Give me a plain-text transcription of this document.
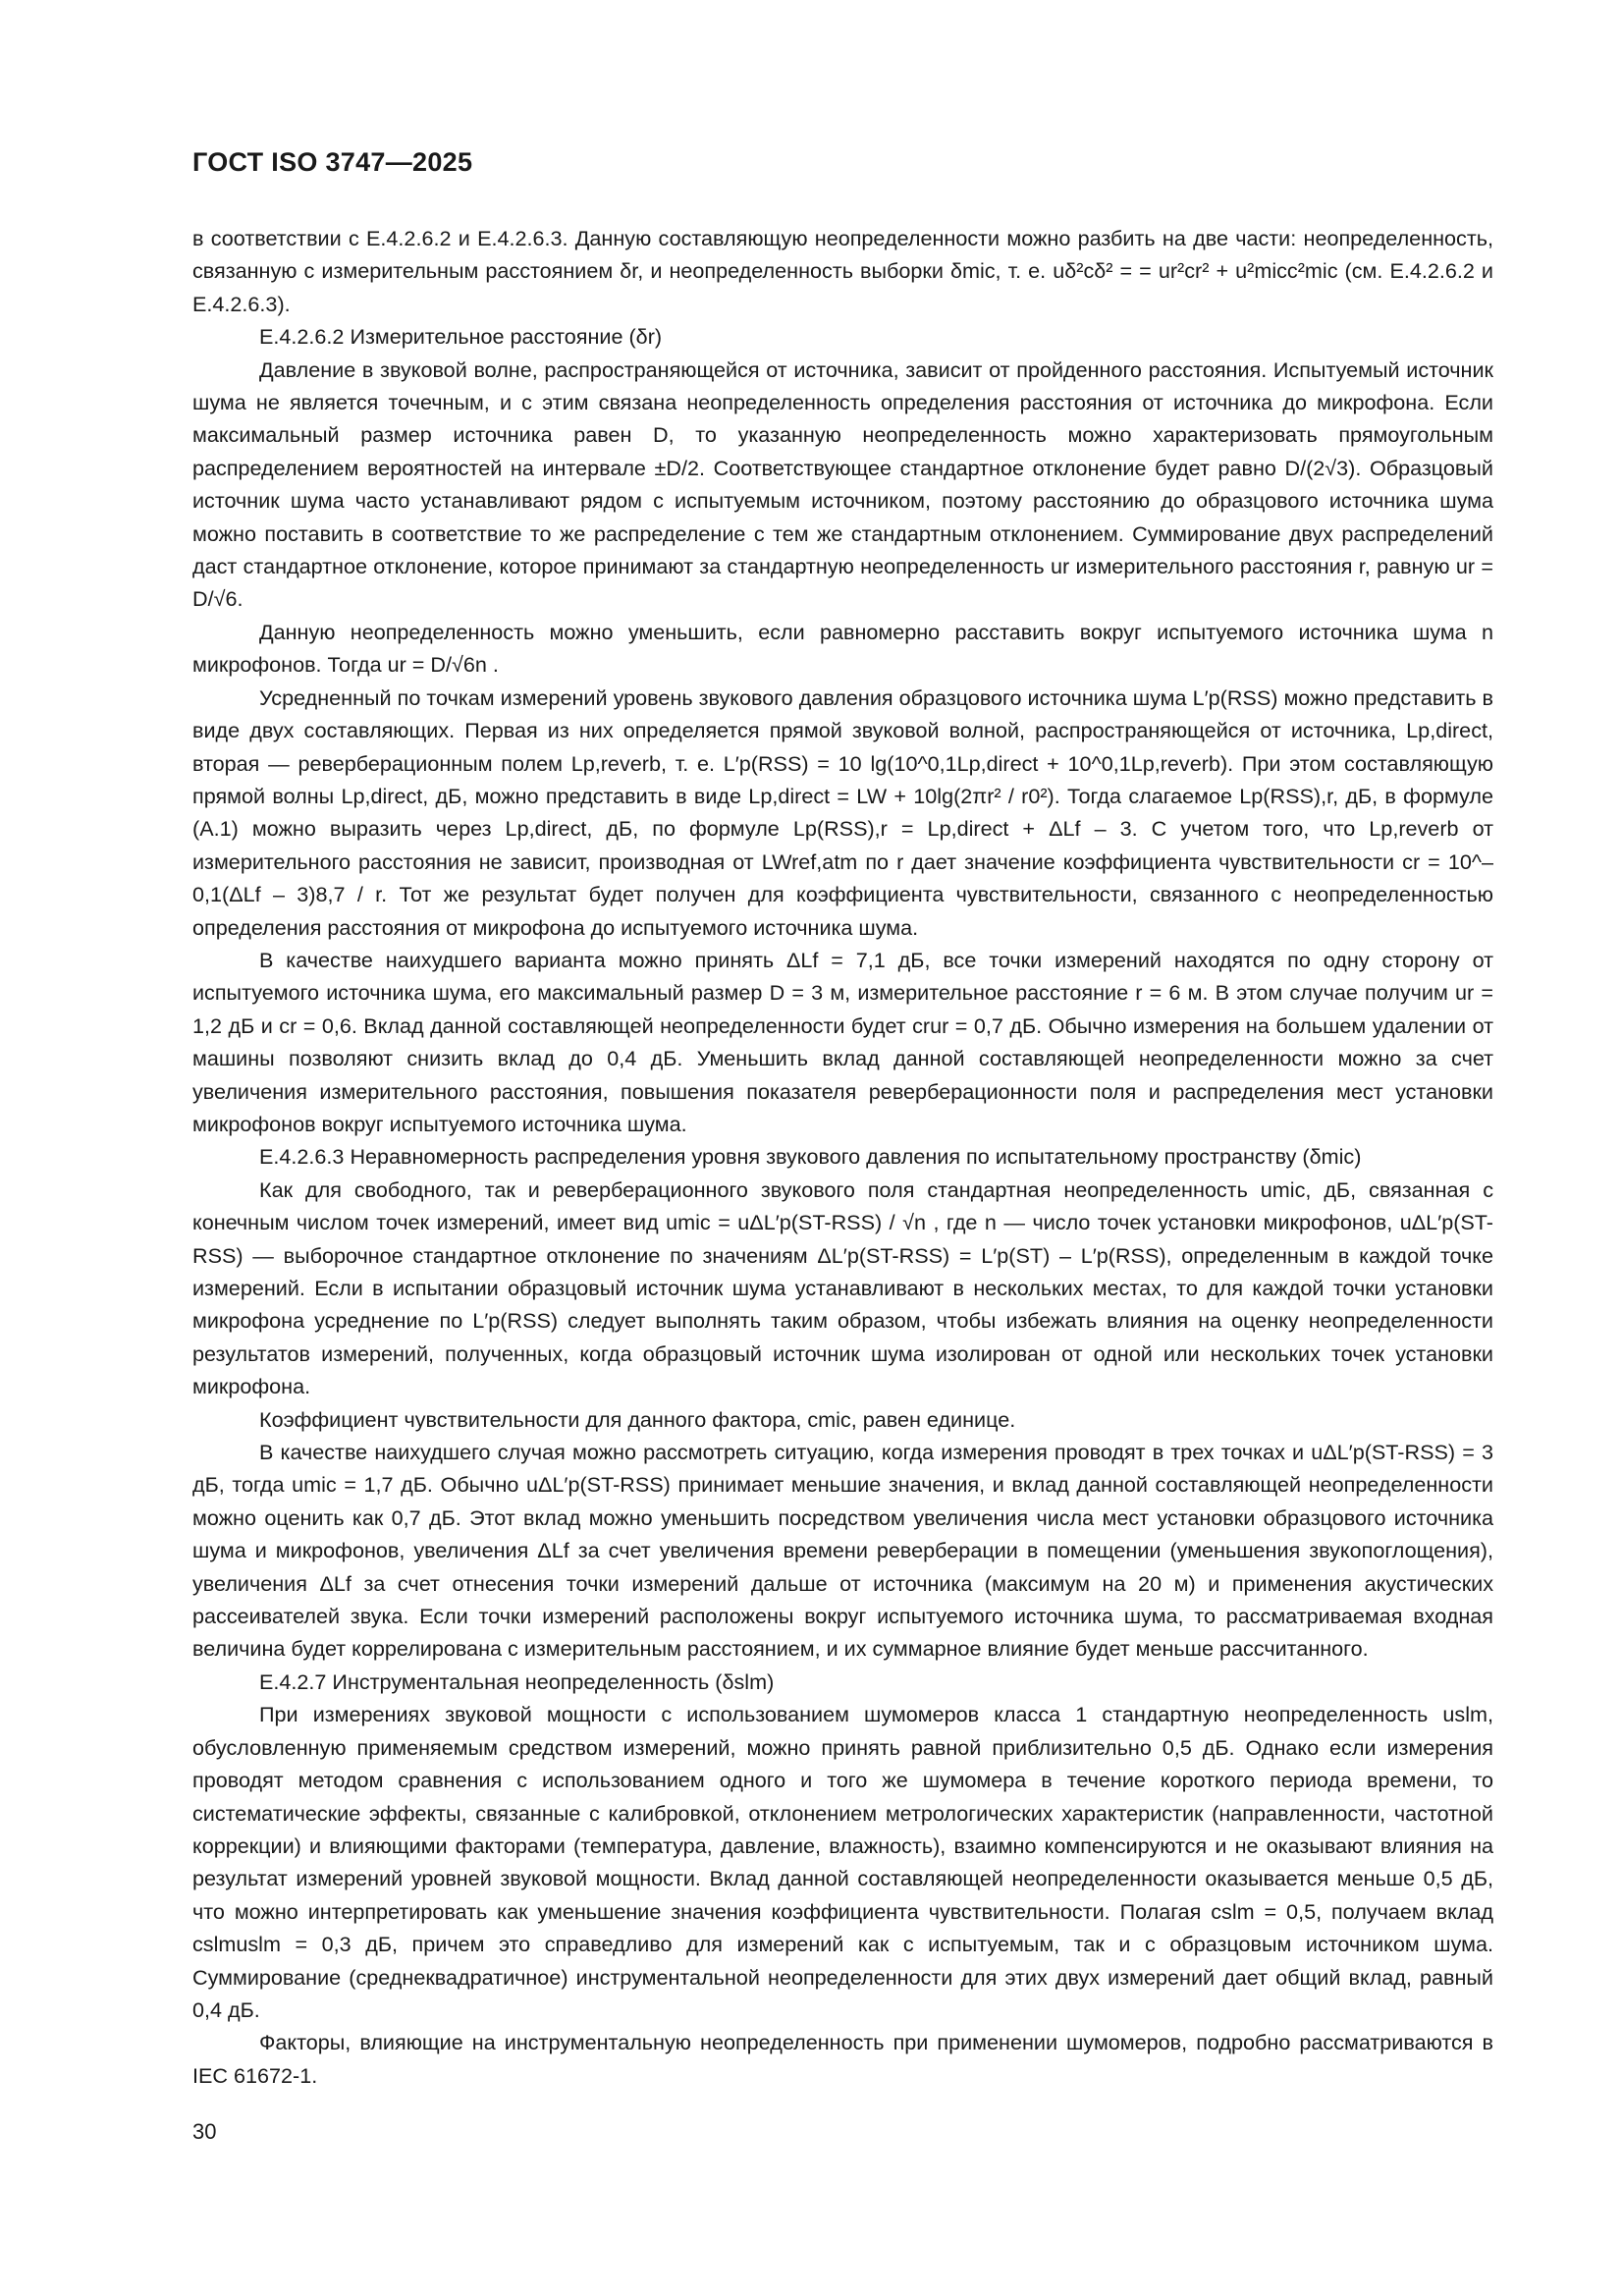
ГОСТ ISO 3747—2025

в соответствии с Е.4.2.6.2 и Е.4.2.6.3. Данную составляющую неопределенности можно разбить на две части: неопределенность, связанную с измерительным расстоянием δr, и неопределенность выборки δmic, т. е. uδ²cδ² = = ur²cr² + u²micc²mic (см. Е.4.2.6.2 и Е.4.2.6.3).

Е.4.2.6.2 Измерительное расстояние (δr)

Давление в звуковой волне, распространяющейся от источника, зависит от пройденного расстояния. Испытуемый источник шума не является точечным, и с этим связана неопределенность определения расстояния от источника до микрофона. Если максимальный размер источника равен D, то указанную неопределенность можно характеризовать прямоугольным распределением вероятностей на интервале ±D/2. Соответствующее стандартное отклонение будет равно D/(2√3). Образцовый источник шума часто устанавливают рядом с испытуемым источником, поэтому расстоянию до образцового источника шума можно поставить в соответствие то же распределение с тем же стандартным отклонением. Суммирование двух распределений даст стандартное отклонение, которое принимают за стандартную неопределенность ur измерительного расстояния r, равную ur = D/√6.

Данную неопределенность можно уменьшить, если равномерно расставить вокруг испытуемого источника шума n микрофонов. Тогда ur = D/√6n .

Усредненный по точкам измерений уровень звукового давления образцового источника шума L′p(RSS) можно представить в виде двух составляющих. Первая из них определяется прямой звуковой волной, распространяющейся от источника, Lp,direct, вторая — реверберационным полем Lp,reverb, т. е. L′p(RSS) = 10 lg(10^0,1Lp,direct + 10^0,1Lp,reverb). При этом составляющую прямой волны Lp,direct, дБ, можно представить в виде Lp,direct = LW + 10lg(2πr² / r0²). Тогда слагаемое Lp(RSS),r, дБ, в формуле (А.1) можно выразить через Lp,direct, дБ, по формуле Lp(RSS),r = Lp,direct + ΔLf – 3. С учетом того, что Lp,reverb от измерительного расстояния не зависит, производная от LWref,atm по r дает значение коэффициента чувствительности cr = 10^–0,1(ΔLf – 3)8,7 / r. Тот же результат будет получен для коэффициента чувствительности, связанного с неопределенностью определения расстояния от микрофона до испытуемого источника шума.

В качестве наихудшего варианта можно принять ΔLf = 7,1 дБ, все точки измерений находятся по одну сторону от испытуемого источника шума, его максимальный размер D = 3 м, измерительное расстояние r = 6 м. В этом случае получим ur = 1,2 дБ и cr = 0,6. Вклад данной составляющей неопределенности будет crur = 0,7 дБ. Обычно измерения на большем удалении от машины позволяют снизить вклад до 0,4 дБ. Уменьшить вклад данной составляющей неопределенности можно за счет увеличения измерительного расстояния, повышения показателя реверберационности поля и распределения мест установки микрофонов вокруг испытуемого источника шума.

Е.4.2.6.3 Неравномерность распределения уровня звукового давления по испытательному пространству (δmic)

Как для свободного, так и реверберационного звукового поля стандартная неопределенность umic, дБ, связанная с конечным числом точек измерений, имеет вид umic = uΔL′p(ST-RSS) / √n , где n — число точек установки микрофонов, uΔL′p(ST-RSS) — выборочное стандартное отклонение по значениям ΔL′p(ST-RSS) = L′p(ST) – L′p(RSS), определенным в каждой точке измерений. Если в испытании образцовый источник шума устанавливают в нескольких местах, то для каждой точки установки микрофона усреднение по L′p(RSS) следует выполнять таким образом, чтобы избежать влияния на оценку неопределенности результатов измерений, полученных, когда образцовый источник шума изолирован от одной или нескольких точек установки микрофона.

Коэффициент чувствительности для данного фактора, cmic, равен единице.

В качестве наихудшего случая можно рассмотреть ситуацию, когда измерения проводят в трех точках и uΔL′p(ST-RSS) = 3 дБ, тогда umic = 1,7 дБ. Обычно uΔL′p(ST-RSS) принимает меньшие значения, и вклад данной составляющей неопределенности можно оценить как 0,7 дБ. Этот вклад можно уменьшить посредством увеличения числа мест установки образцового источника шума и микрофонов, увеличения ΔLf за счет увеличения времени реверберации в помещении (уменьшения звукопоглощения), увеличения ΔLf за счет отнесения точки измерений дальше от источника (максимум на 20 м) и применения акустических рассеивателей звука. Если точки измерений расположены вокруг испытуемого источника шума, то рассматриваемая входная величина будет коррелирована с измерительным расстоянием, и их суммарное влияние будет меньше рассчитанного.

Е.4.2.7 Инструментальная неопределенность (δslm)

При измерениях звуковой мощности с использованием шумомеров класса 1 стандартную неопределенность uslm, обусловленную применяемым средством измерений, можно принять равной приблизительно 0,5 дБ. Однако если измерения проводят методом сравнения с использованием одного и того же шумомера в течение короткого периода времени, то систематические эффекты, связанные с калибровкой, отклонением метрологических характеристик (направленности, частотной коррекции) и влияющими факторами (температура, давление, влажность), взаимно компенсируются и не оказывают влияния на результат измерений уровней звуковой мощности. Вклад данной составляющей неопределенности оказывается меньше 0,5 дБ, что можно интерпретировать как уменьшение значения коэффициента чувствительности. Полагая cslm = 0,5, получаем вклад cslmuslm = 0,3 дБ, причем это справедливо для измерений как с испытуемым, так и с образцовым источником шума. Суммирование (среднеквадратичное) инструментальной неопределенности для этих двух измерений дает общий вклад, равный 0,4 дБ.

Факторы, влияющие на инструментальную неопределенность при применении шумомеров, подробно рассматриваются в IEC 61672-1.

30
